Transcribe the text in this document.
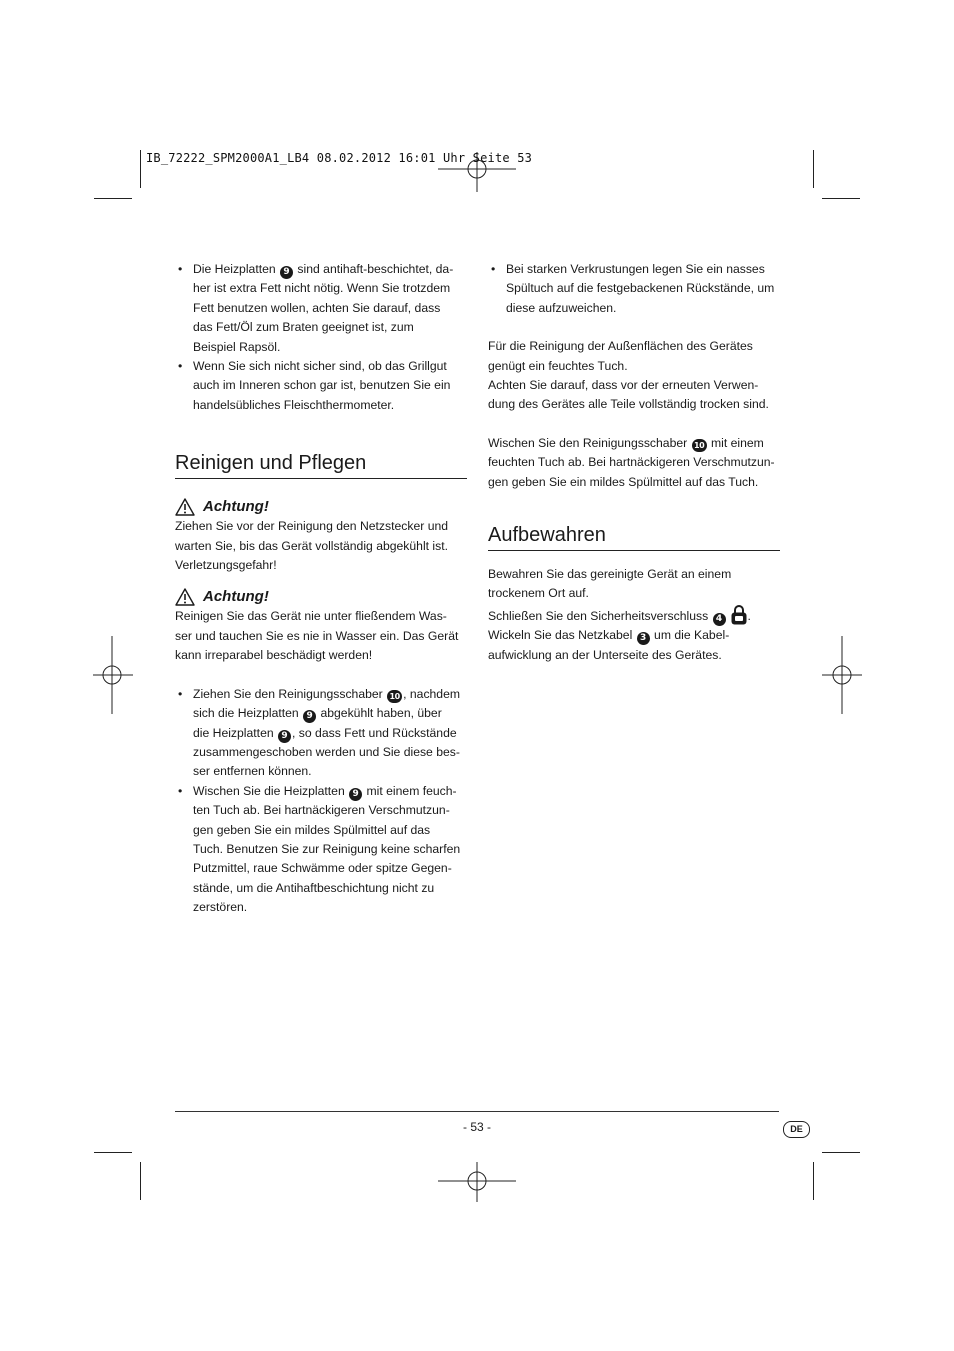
IB_72222_SPM2000A1_LB4 08.02.2012 16:01 Uhr Seite 53
• Die Heizplatten 9 sind antihaft-beschichtet, da-
her ist extra Fett nicht nötig. Wenn Sie trotzdem
Fett benutzen wollen, achten Sie darauf, dass
das Fett/Öl zum Braten geeignet ist, zum
Beispiel Rapsöl.
• Wenn Sie sich nicht sicher sind, ob das Grillgut
auch im Inneren schon gar ist, benutzen Sie ein
handelsübliches Fleischthermometer.
Reinigen und Pflegen
Achtung!

Ziehen Sie vor der Reinigung den Netzstecker und
warten Sie, bis das Gerät vollständig abgekühlt ist.
Verletzungsgefahr!

Achtung!

Reinigen Sie das Gerät nie unter fließendem Was-
ser und tauchen Sie es nie in Wasser ein. Das Gerät
kann irreparabel beschädigt werden!

• Ziehen Sie den Reinigungsschaber 10 , nachdem
sich die Heizplatten 9 abgekühlt haben, über
die Heizplatten 9 , so dass Fett und Rückstände
zusammengeschoben werden und Sie diese bes-
ser entfernen können.
• Wischen Sie die Heizplatten 9 mit einem feuch-
ten Tuch ab. Bei hartnäckigeren Verschmutzun-
gen geben Sie ein mildes Spülmittel auf das
Tuch. Benutzen Sie zur Reinigung keine scharfen
Putzmittel, raue Schwämme oder spitze Gegen-
stände, um die Antihaftbeschichtung nicht zu
zerstören.
• Bei starken Verkrustungen legen Sie ein nasses
Spültuch auf die festgebackenen Rückstände, um
diese aufzuweichen.

Für die Reinigung der Außenflächen des Gerätes
genügt ein feuchtes Tuch.
Achten Sie darauf, dass vor der erneuten Verwen-
dung des Gerätes alle Teile vollständig trocken sind.

Wischen Sie den Reinigungsschaber 10 mit einem
feuchten Tuch ab. Bei hartnäckigeren Verschmutzun-
gen geben Sie ein mildes Spülmittel auf das Tuch.

Aufbewahren

Bewahren Sie das gereinigte Gerät an einem
trockenem Ort auf.
Schließen Sie den Sicherheitsverschluss 4 .
Wickeln Sie das Netzkabel 3 um die Kabel-
aufwicklung an der Unterseite des Gerätes.

- 53 -	DE
